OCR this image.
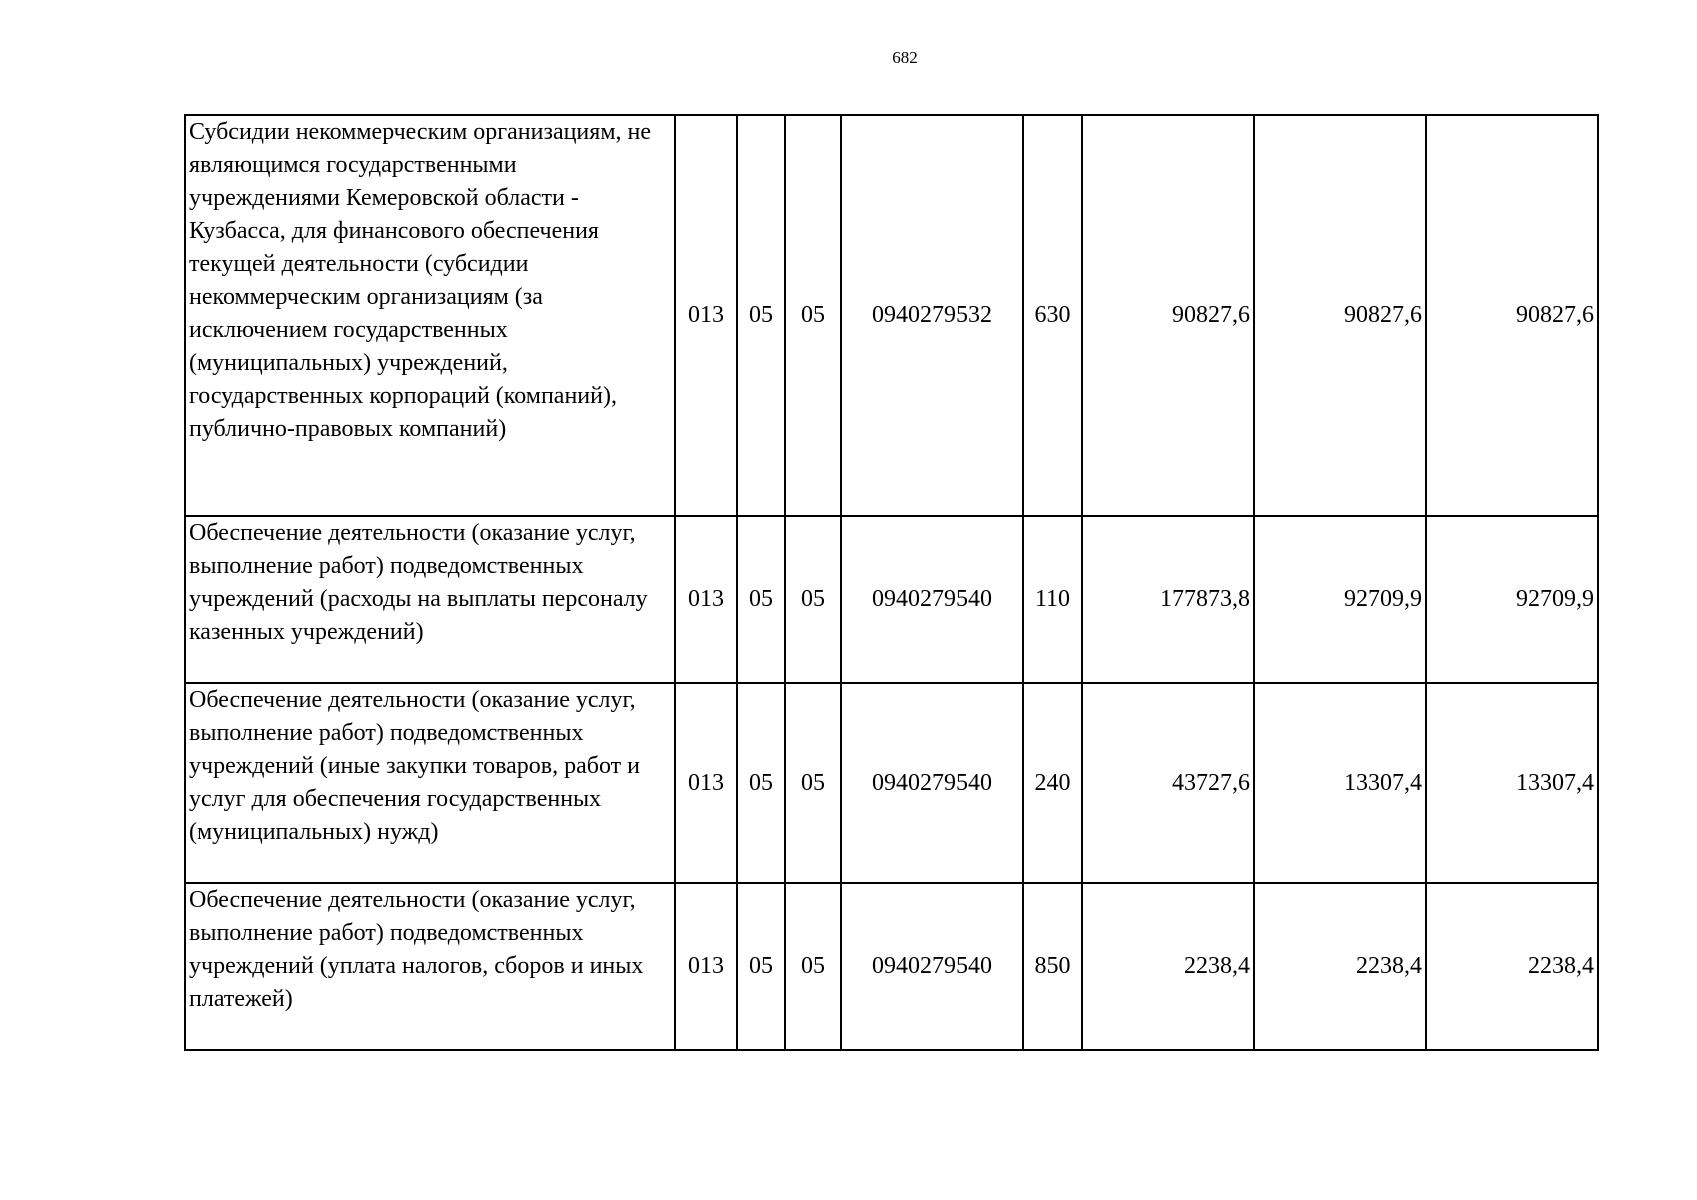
682
Субсидии некоммерческим организациям, не являющимся государственными учреждениями Кемеровской области - Кузбасса, для финансового обеспечения текущей деятельности (субсидии некоммерческим организациям (за исключением государственных (муниципальных) учреждений, государственных корпораций (компаний), публично-правовых компаний)	013	05	05	0940279532	630	90827,6	90827,6	90827,6
Обеспечение деятельности (оказание услуг, выполнение работ) подведомственных учреждений (расходы на выплаты персоналу казенных учреждений)	013	05	05	0940279540	110	177873,8	92709,9	92709,9
Обеспечение деятельности (оказание услуг, выполнение работ) подведомственных учреждений (иные закупки товаров, работ и услуг для обеспечения государственных (муниципальных) нужд)	013	05	05	0940279540	240	43727,6	13307,4	13307,4
Обеспечение деятельности (оказание услуг, выполнение работ) подведомственных учреждений (уплата налогов, сборов и иных платежей)	013	05	05	0940279540	850	2238,4	2238,4	2238,4
